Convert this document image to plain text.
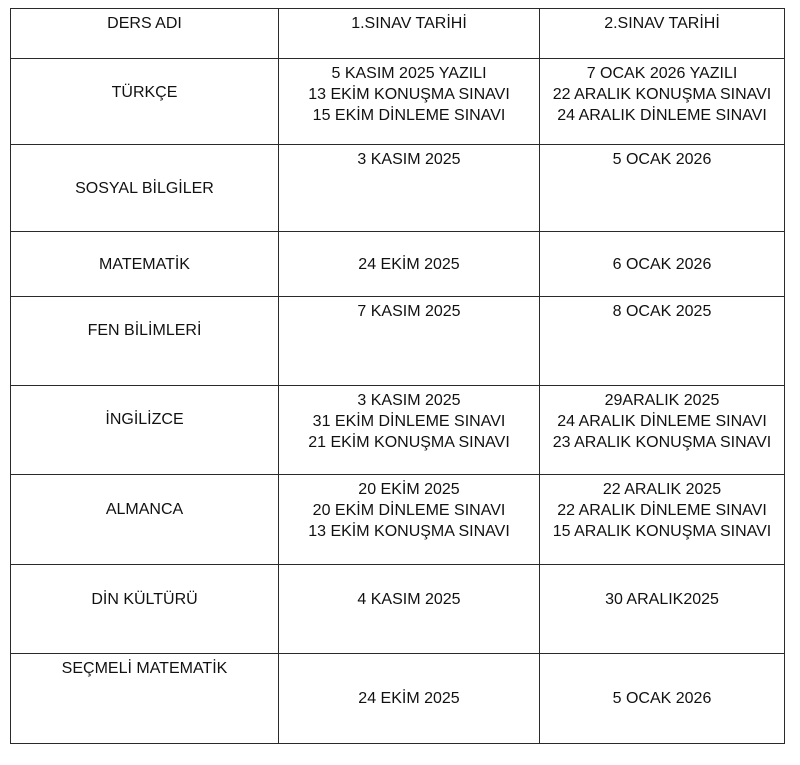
DERS ADI	1.SINAV TARİHİ	2.SINAV TARİHİ
TÜRKÇE	5 KASIM 2025 YAZILI
13 EKİM KONUŞMA SINAVI
15 EKİM DİNLEME SINAVI	7 OCAK 2026 YAZILI
22 ARALIK KONUŞMA SINAVI
24 ARALIK DİNLEME SINAVI

SOSYAL BİLGİLER	3 KASIM 2025	5 OCAK 2026

MATEMATİK	24 EKİM 2025	6 OCAK 2026

FEN BİLİMLERİ	7 KASIM 2025	8 OCAK 2025

İNGİLİZCE	3 KASIM 2025
31 EKİM DİNLEME SINAVI
21 EKİM KONUŞMA SINAVI	29ARALIK 2025
24 ARALIK DİNLEME SINAVI
23 ARALIK KONUŞMA SINAVI

ALMANCA	20 EKİM 2025
20 EKİM DİNLEME SINAVI
13 EKİM KONUŞMA SINAVI	22 ARALIK 2025
22 ARALIK DİNLEME SINAVI
15 ARALIK KONUŞMA SINAVI

DİN KÜLTÜRÜ	4 KASIM 2025	30 ARALIK2025

SEÇMELİ MATEMATİK	24 EKİM 2025	5 OCAK 2026
